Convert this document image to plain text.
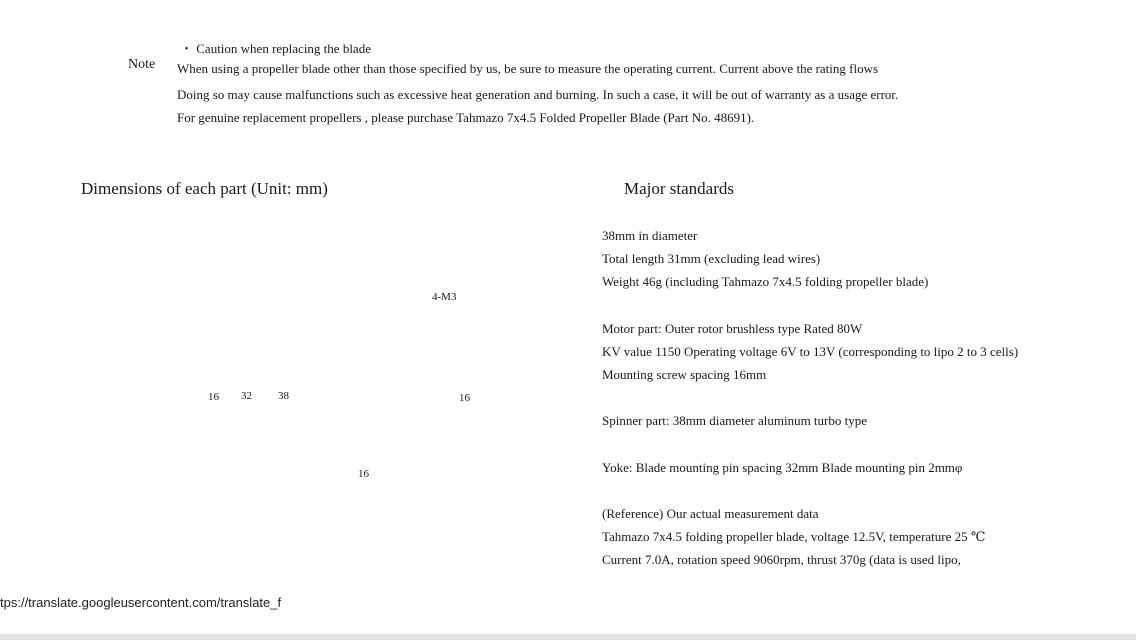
Note
・ Caution when replacing the blade
When using a propeller blade other than those specified by us, be sure to measure the operating current. Current above the rating flows
Doing so may cause malfunctions such as excessive heat generation and burning. In such a case, it will be out of warranty as a usage error.
For genuine replacement propellers , please purchase Tahmazo 7x4.5 Folded Propeller Blade (Part No. 48691).
Dimensions of each part (Unit: mm)
4-M3
16 32 38	16
16
Major standards
38mm in diameter
Total length 31mm (excluding lead wires)
Weight 46g (including Tahmazo 7x4.5 folding propeller blade)
Motor part: Outer rotor brushless type Rated 80W
KV value 1150 Operating voltage 6V to 13V (corresponding to lipo 2 to 3 cells)
Mounting screw spacing 16mm
Spinner part: 38mm diameter aluminum turbo type
Yoke: Blade mounting pin spacing 32mm Blade mounting pin 2mmφ
(Reference) Our actual measurement data
Tahmazo 7x4.5 folding propeller blade, voltage 12.5V, temperature 25 ℃
Current 7.0A, rotation speed 9060rpm, thrust 370g (data is used lipo,
tps://translate.googleusercontent.com/translate_f
